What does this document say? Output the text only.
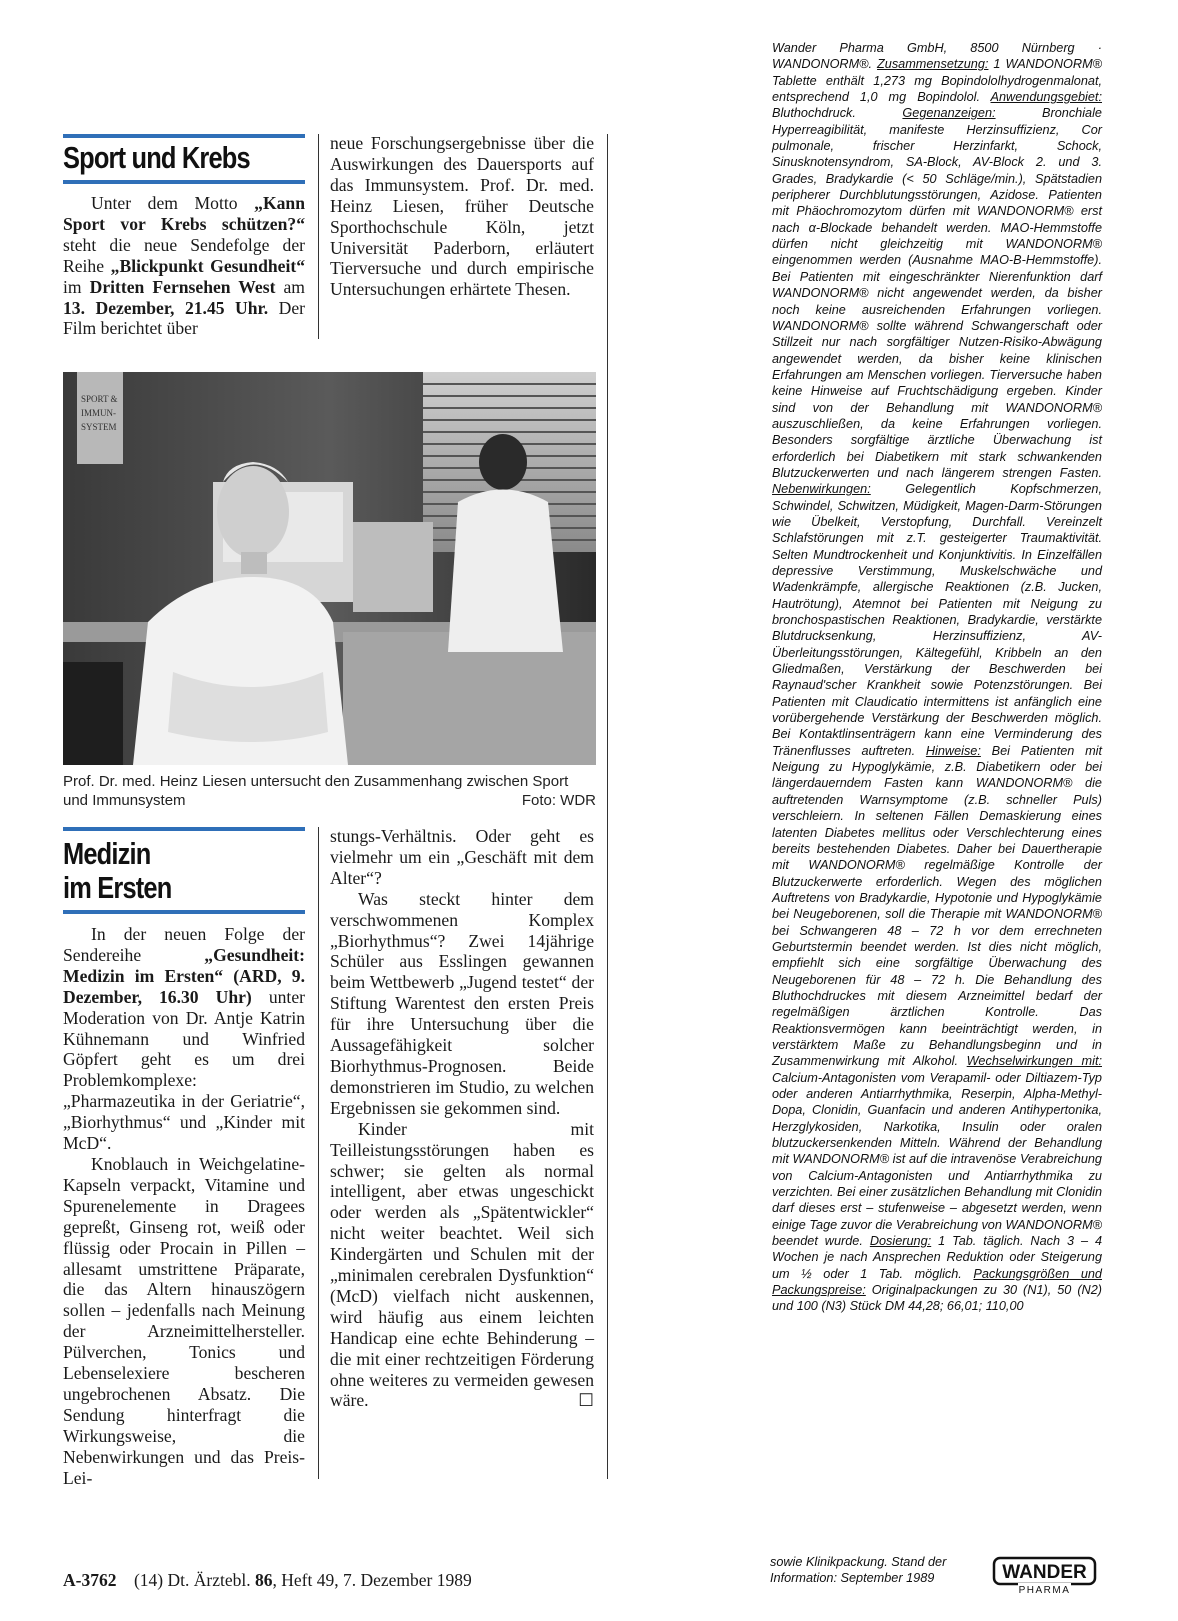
Sport und Krebs

Unter dem Motto „Kann Sport vor Krebs schützen?“ steht die neue Sendefolge der Reihe „Blickpunkt Gesundheit“ im Dritten Fernsehen West am 13. Dezember, 21.45 Uhr. Der Film berichtet über

neue Forschungsergebnisse über die Auswirkungen des Dauersports auf das Immunsystem. Prof. Dr. med. Heinz Liesen, früher Deutsche Sporthochschule Köln, jetzt Universität Paderborn, erläutert Tierversuche und durch empirische Untersuchungen erhärtete Thesen.

SPORT &
IMMUN-
SYSTEM
Prof. Dr. med. Heinz Liesen untersucht den Zusammenhang zwischen Sport und Immunsystem	Foto: WDR
Medizin
im Ersten

In der neuen Folge der Sendereihe „Gesundheit: Medizin im Ersten“ (ARD, 9. Dezember, 16.30 Uhr) unter Moderation von Dr. Antje Katrin Kühnemann und Winfried Göpfert geht es um drei Problemkomplexe: „Pharmazeutika in der Geriatrie“, „Biorhythmus“ und „Kinder mit McD“.

Knoblauch in Weichgelatine-Kapseln verpackt, Vitamine und Spurenelemente in Dragees gepreßt, Ginseng rot, weiß oder flüssig oder Procain in Pillen – allesamt umstrittene Präparate, die das Altern hinauszögern sollen – jedenfalls nach Meinung der Arzneimittelhersteller. Pülverchen, Tonics und Lebenselexiere bescheren ungebrochenen Absatz. Die Sendung hinterfragt die Wirkungsweise, die Nebenwirkungen und das Preis-Lei-

stungs-Verhältnis. Oder geht es vielmehr um ein „Geschäft mit dem Alter“?

Was steckt hinter dem verschwommenen Komplex „Biorhythmus“? Zwei 14jährige Schüler aus Esslingen gewannen beim Wettbewerb „Jugend testet“ der Stiftung Warentest den ersten Preis für ihre Untersuchung über die Aussagefähigkeit solcher Biorhythmus-Prognosen. Beide demonstrieren im Studio, zu welchen Ergebnissen sie gekommen sind.

Kinder mit Teilleistungsstörungen haben es schwer; sie gelten als normal intelligent, aber etwas ungeschickt oder werden als „Spätentwickler“ nicht weiter beachtet. Weil sich Kindergärten und Schulen mit der „minimalen cerebralen Dysfunktion“ (McD) vielfach nicht auskennen, wird häufig aus einem leichten Handicap eine echte Behinderung – die mit einer rechtzeitigen Förderung ohne weiteres zu vermeiden gewesen wäre.	☐

A-3762 (14) Dt. Ärztebl. 86, Heft 49, 7. Dezember 1989

Wander Pharma GmbH, 8500 Nürnberg · WANDONORM®. Zusammensetzung: 1 WANDONORM® Tablette enthält 1,273 mg Bopindololhydrogenmalonat, entsprechend 1,0 mg Bopindolol. Anwendungsgebiet: Bluthochdruck. Gegenanzeigen: Bronchiale Hyperreagibilität, manifeste Herzinsuffizienz, Cor pulmonale, frischer Herzinfarkt, Schock, Sinusknotensyndrom, SA-Block, AV-Block 2. und 3. Grades, Bradykardie (< 50 Schläge/min.), Spätstadien peripherer Durchblutungsstörungen, Azidose. Patienten mit Phäochromozytom dürfen mit WANDONORM® erst nach α-Blockade behandelt werden. MAO-Hemmstoffe dürfen nicht gleichzeitig mit WANDONORM® eingenommen werden (Ausnahme MAO-B-Hemmstoffe). Bei Patienten mit eingeschränkter Nierenfunktion darf WANDONORM® nicht angewendet werden, da bisher noch keine ausreichenden Erfahrungen vorliegen. WANDONORM® sollte während Schwangerschaft oder Stillzeit nur nach sorgfältiger Nutzen-Risiko-Abwägung angewendet werden, da bisher keine klinischen Erfahrungen am Menschen vorliegen. Tierversuche haben keine Hinweise auf Fruchtschädigung ergeben. Kinder sind von der Behandlung mit WANDONORM® auszuschließen, da keine Erfahrungen vorliegen. Besonders sorgfältige ärztliche Überwachung ist erforderlich bei Diabetikern mit stark schwankenden Blutzuckerwerten und nach längerem strengen Fasten. Nebenwirkungen: Gelegentlich Kopfschmerzen, Schwindel, Schwitzen, Müdigkeit, Magen-Darm-Störungen wie Übelkeit, Verstopfung, Durchfall. Vereinzelt Schlafstörungen mit z.T. gesteigerter Traumaktivität. Selten Mundtrockenheit und Konjunktivitis. In Einzelfällen depressive Verstimmung, Muskelschwäche und Wadenkrämpfe, allergische Reaktionen (z.B. Jucken, Hautrötung), Atemnot bei Patienten mit Neigung zu bronchospastischen Reaktionen, Bradykardie, verstärkte Blutdrucksenkung, Herzinsuffizienz, AV-Überleitungsstörungen, Kältegefühl, Kribbeln an den Gliedmaßen, Verstärkung der Beschwerden bei Raynaud'scher Krankheit sowie Potenzstörungen. Bei Patienten mit Claudicatio intermittens ist anfänglich eine vorübergehende Verstärkung der Beschwerden möglich. Bei Kontaktlinsenträgern kann eine Verminderung des Tränenflusses auftreten. Hinweise: Bei Patienten mit Neigung zu Hypoglykämie, z.B. Diabetikern oder bei längerdauerndem Fasten kann WANDONORM® die auftretenden Warnsymptome (z.B. schneller Puls) verschleiern. In seltenen Fällen Demaskierung eines latenten Diabetes mellitus oder Verschlechterung eines bereits bestehenden Diabetes. Daher bei Dauertherapie mit WANDONORM® regelmäßige Kontrolle der Blutzuckerwerte erforderlich. Wegen des möglichen Auftretens von Bradykardie, Hypotonie und Hypoglykämie bei Neugeborenen, soll die Therapie mit WANDONORM® bei Schwangeren 48 – 72 h vor dem errechneten Geburtstermin beendet werden. Ist dies nicht möglich, empfiehlt sich eine sorgfältige Überwachung des Neugeborenen für 48 – 72 h. Die Behandlung des Bluthochdruckes mit diesem Arzneimittel bedarf der regelmäßigen ärztlichen Kontrolle. Das Reaktionsvermögen kann beeinträchtigt werden, in verstärktem Maße zu Behandlungsbeginn und in Zusammenwirkung mit Alkohol. Wechselwirkungen mit: Calcium-Antagonisten vom Verapamil- oder Diltiazem-Typ oder anderen Antiarrhythmika, Reserpin, Alpha-Methyl-Dopa, Clonidin, Guanfacin und anderen Antihypertonika, Herzglykosiden, Narkotika, Insulin oder oralen blutzuckersenkenden Mitteln. Während der Behandlung mit WANDONORM® ist auf die intravenöse Verabreichung von Calcium-Antagonisten und Antiarrhythmika zu verzichten. Bei einer zusätzlichen Behandlung mit Clonidin darf dieses erst – stufenweise – abgesetzt werden, wenn einige Tage zuvor die Verabreichung von WANDONORM® beendet wurde. Dosierung: 1 Tab. täglich. Nach 3 – 4 Wochen je nach Ansprechen Reduktion oder Steigerung um ½ oder 1 Tab. möglich. Packungsgrößen und Packungspreise: Originalpackungen zu 30 (N1), 50 (N2) und 100 (N3) Stück DM 44,28; 66,01; 110,00

sowie Klinikpackung. Stand der
Information: September 1989	WANDER
PHARMA
